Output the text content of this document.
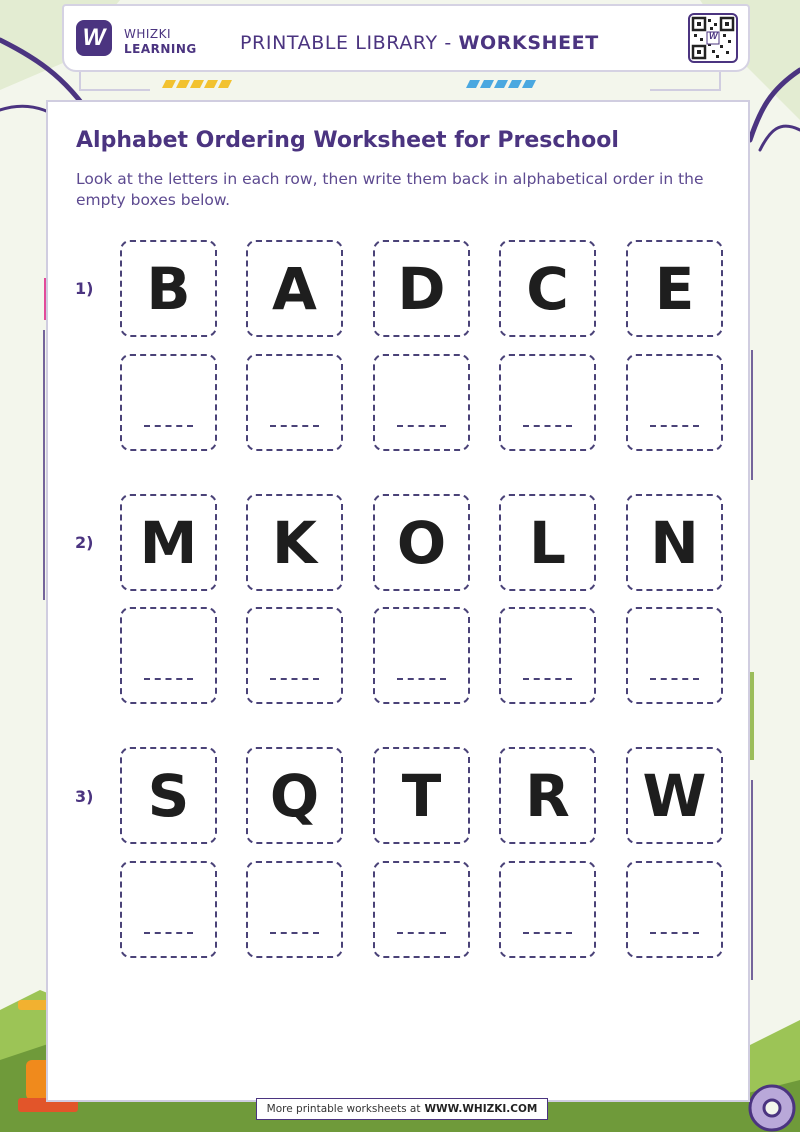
W WHIZKI
LEARNING PRINTABLE LIBRARY - WORKSHEET	W
Alphabet Ordering Worksheet for Preschool
Look at the letters in each row, then write them back in alphabetical order in the empty boxes below.
1) B	A	D	C	E
2) M	K	O	L	N
3) S	Q	T	R	W
More printable worksheets at WWW.WHIZKI.COM
